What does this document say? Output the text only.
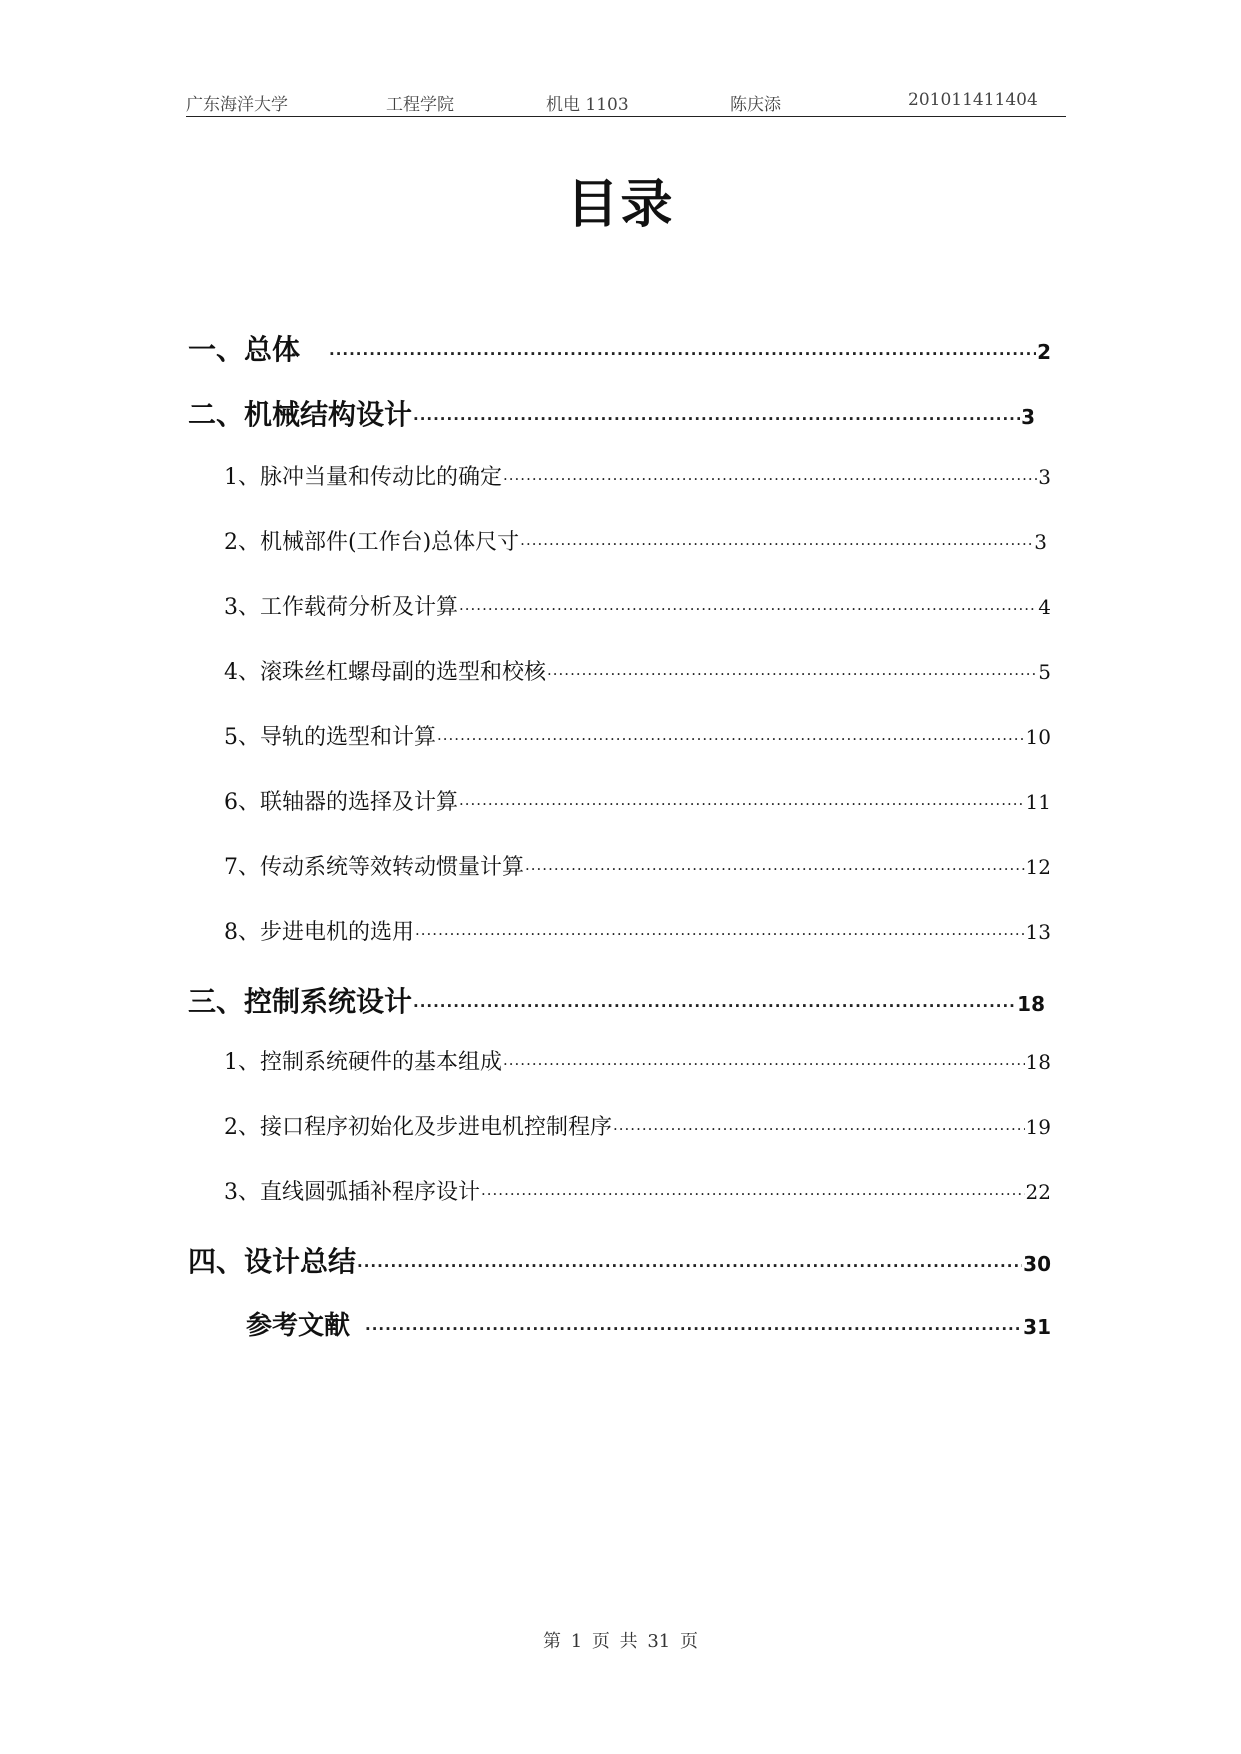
广东海洋大学	工程学院	机电 1103	陈庆添	201011411404
目录
一、总体 ·····	2
二、机械结构设计 ·····	3
1、脉冲当量和传动比的确定 ·····	3
2、机械部件(工作台)总体尺寸 ·····	3
3、工作载荷分析及计算 ·····	4
4、滚珠丝杠螺母副的选型和校核 ·····	5
5、导轨的选型和计算 ·····	10
6、联轴器的选择及计算 ·····	11
7、传动系统等效转动惯量计算 ·····	12
8、步进电机的选用 ·····	13
三、控制系统设计 ·····	18
1、控制系统硬件的基本组成 ·····	18
2、接口程序初始化及步进电机控制程序 ·····	19
3、直线圆弧插补程序设计 ·····	22
四、设计总结 ·····	30
参考文献 ·····	31
第 1 页 共 31 页
